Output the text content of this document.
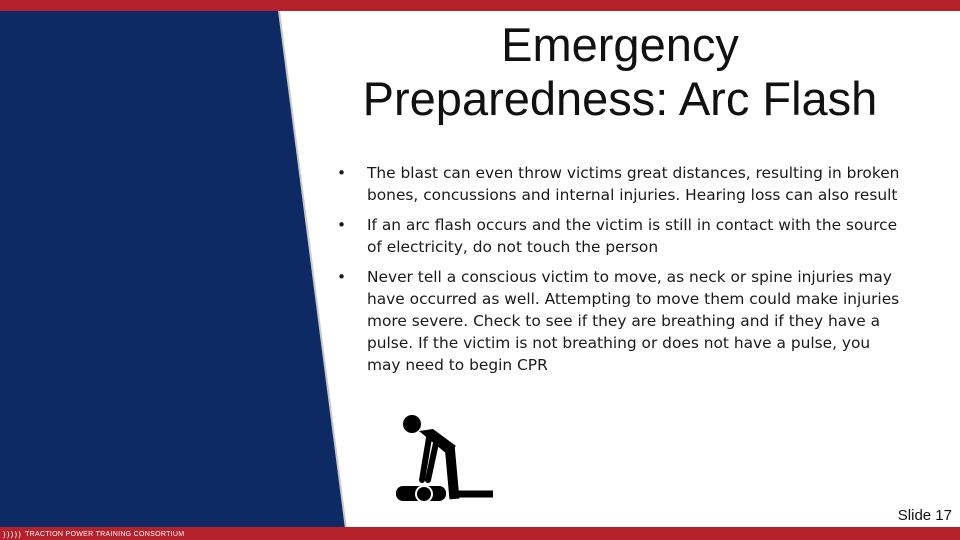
Emergency
Preparedness: Arc Flash
• The blast can even throw victims great distances, resulting in broken bones, concussions and internal injuries. Hearing loss can also result
• If an arc flash occurs and the victim is still in contact with the source of electricity, do not touch the person
• Never tell a conscious victim to move, as neck or spine injuries may have occurred as well. Attempting to move them could make injuries more severe. Check to see if they are breathing and if they have a pulse. If the victim is not breathing or does not have a pulse, you may need to begin CPR
Slide 17
))))) TRACTION POWER TRAINING CONSORTIUM
